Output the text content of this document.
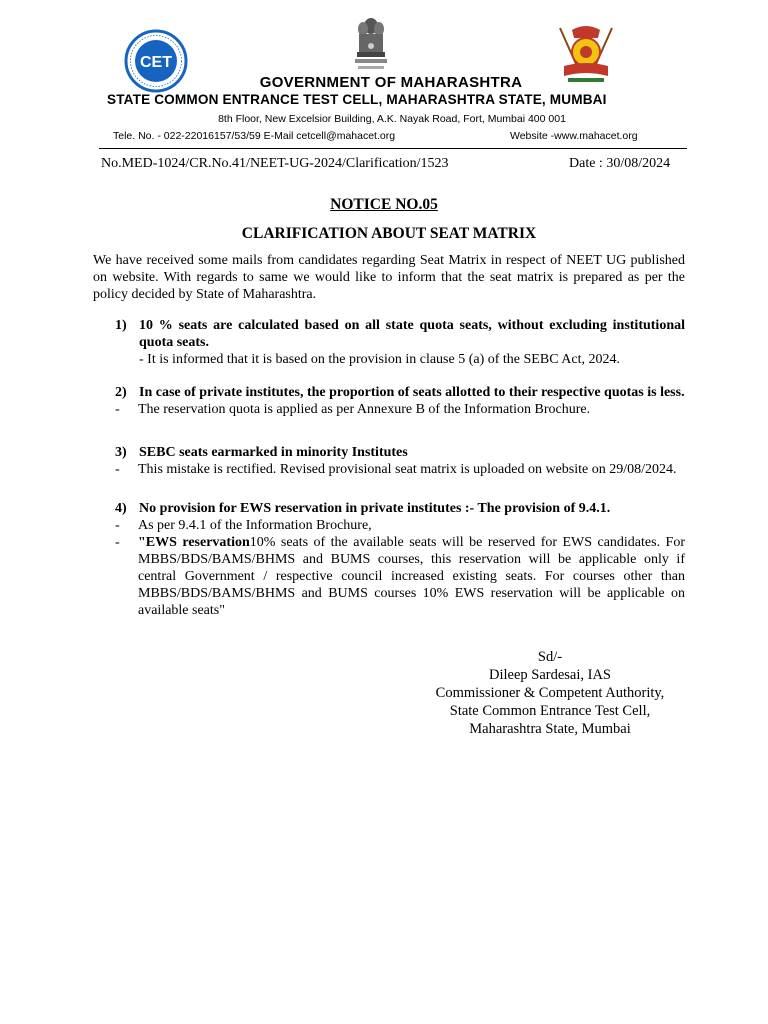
CET
GOVERNMENT OF MAHARASHTRA
STATE COMMON ENTRANCE TEST CELL, MAHARASHTRA STATE, MUMBAI
8th Floor, New Excelsior Building, A.K. Nayak Road, Fort, Mumbai 400 001
Tele. No. - 022-22016157/53/59 E-Mail cetcell@mahacet.org	Website -www.mahacet.org
No.MED-1024/CR.No.41/NEET-UG-2024/Clarification/1523	Date : 30/08/2024
NOTICE NO.05
CLARIFICATION ABOUT SEAT MATRIX
We have received some mails from candidates regarding Seat Matrix in respect of NEET UG published on website. With regards to same we would like to inform that the seat matrix is prepared as per the policy decided by State of Maharashtra.
1) 10 % seats are calculated based on all state quota seats, without excluding institutional quota seats.
- It is informed that it is based on the provision in clause 5 (a) of the SEBC Act, 2024.
2) In case of private institutes, the proportion of seats allotted to their respective quotas is less.
- The reservation quota is applied as per Annexure B of the Information Brochure.
3) SEBC seats earmarked in minority Institutes
- This mistake is rectified. Revised provisional seat matrix is uploaded on website on 29/08/2024.
4) No provision for EWS reservation in private institutes :- The provision of 9.4.1.
- As per 9.4.1 of the Information Brochure,
- "EWS reservation10% seats of the available seats will be reserved for EWS candidates. For MBBS/BDS/BAMS/BHMS and BUMS courses, this reservation will be applicable only if central Government / respective council increased existing seats. For courses other than MBBS/BDS/BAMS/BHMS and BUMS courses 10% EWS reservation will be applicable on available seats"
Sd/-
Dileep Sardesai, IAS
Commissioner & Competent Authority,
State Common Entrance Test Cell,
Maharashtra State, Mumbai
